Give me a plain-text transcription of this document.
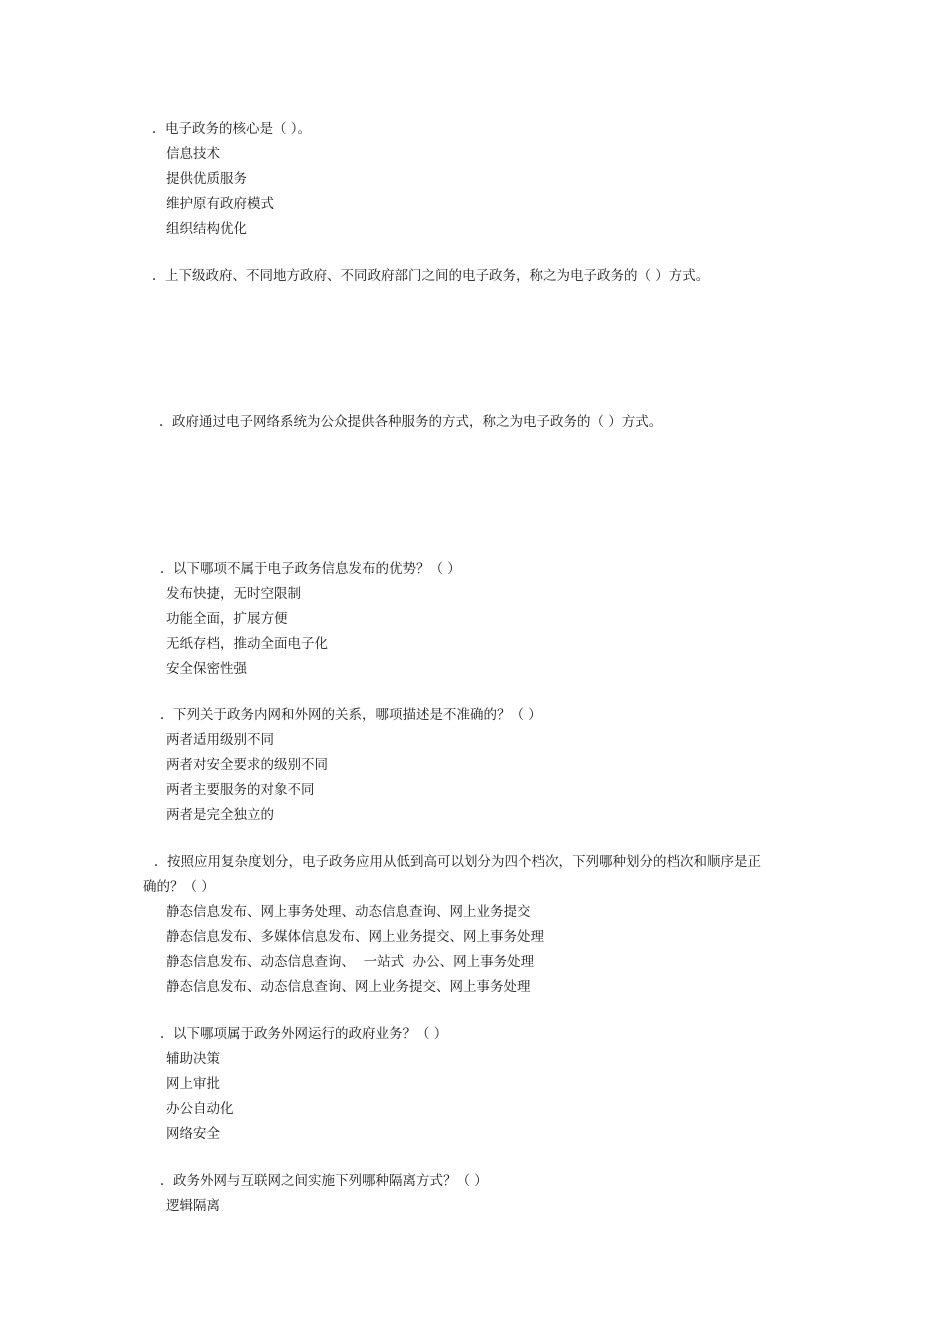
. 电子政务的核心是（ ）。
信息技术
提供优质服务
维护原有政府模式
组织结构优化
. 上下级政府、不同地方政府、不同政府部门之间的电子政务，称之为电子政务的（ ）方式。
. 政府通过电子网络系统为公众提供各种服务的方式，称之为电子政务的（ ）方式。
. 以下哪项不属于电子政务信息发布的优势？（ ）
发布快捷，无时空限制
功能全面，扩展方便
无纸存档，推动全面电子化
安全保密性强
. 下列关于政务内网和外网的关系，哪项描述是不准确的？（ ）
两者适用级别不同
两者对安全要求的级别不同
两者主要服务的对象不同
两者是完全独立的
. 按照应用复杂度划分，电子政务应用从低到高可以划分为四个档次，下列哪种划分的档次和顺序是正
确的？（ ）
静态信息发布、网上事务处理、动态信息查询、网上业务提交
静态信息发布、多媒体信息发布、网上业务提交、网上事务处理
静态信息发布、动态信息查询、  一站式  办公、网上事务处理
静态信息发布、动态信息查询、网上业务提交、网上事务处理
. 以下哪项属于政务外网运行的政府业务？（ ）
辅助决策
网上审批
办公自动化
网络安全
. 政务外网与互联网之间实施下列哪种隔离方式？（ ）
逻辑隔离
